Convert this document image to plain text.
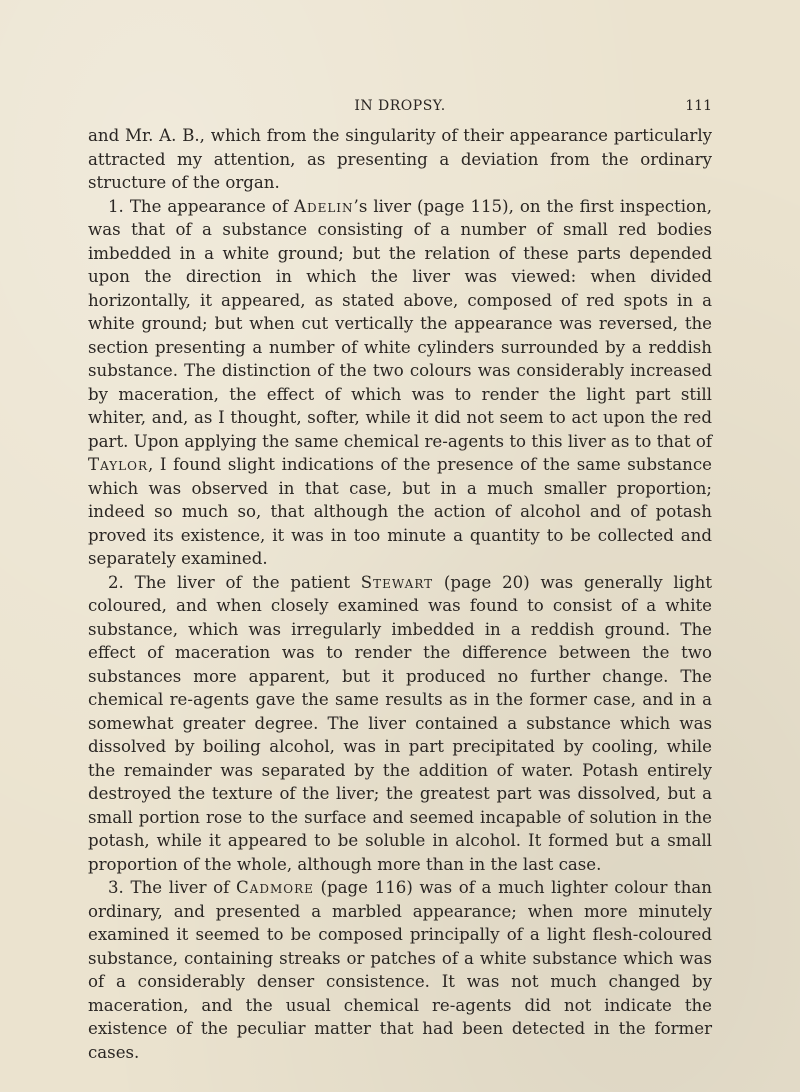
IN DROPSY.	111

and Mr. A. B., which from the singularity of their appearance particularly attracted my attention, as presenting a deviation from the ordinary structure of the organ.

1. The appearance of Adelin’s liver (page 115), on the first inspection, was that of a substance consisting of a number of small red bodies imbedded in a white ground; but the relation of these parts depended upon the direction in which the liver was viewed: when divided horizontally, it appeared, as stated above, composed of red spots in a white ground; but when cut vertically the appearance was reversed, the section presenting a number of white cylinders surrounded by a reddish substance. The distinction of the two colours was considerably increased by maceration, the effect of which was to render the light part still whiter, and, as I thought, softer, while it did not seem to act upon the red part. Upon applying the same chemical re-agents to this liver as to that of Taylor, I found slight indications of the presence of the same substance which was observed in that case, but in a much smaller proportion; indeed so much so, that although the action of alcohol and of potash proved its existence, it was in too minute a quantity to be collected and separately examined.

2. The liver of the patient Stewart (page 20) was generally light coloured, and when closely examined was found to consist of a white substance, which was irregularly imbedded in a reddish ground. The effect of maceration was to render the difference between the two substances more apparent, but it produced no further change. The chemical re-agents gave the same results as in the former case, and in a somewhat greater degree. The liver contained a substance which was dissolved by boiling alcohol, was in part precipitated by cooling, while the remainder was separated by the addition of water. Potash entirely destroyed the texture of the liver; the greatest part was dissolved, but a small portion rose to the surface and seemed incapable of solution in the potash, while it appeared to be soluble in alcohol. It formed but a small proportion of the whole, although more than in the last case.

3. The liver of Cadmore (page 116) was of a much lighter colour than ordinary, and presented a marbled appearance; when more minutely examined it seemed to be composed principally of a light flesh-coloured substance, containing streaks or patches of a white substance which was of a considerably denser consistence. It was not much changed by maceration, and the usual chemical re-agents did not indicate the existence of the peculiar matter that had been detected in the former cases.
